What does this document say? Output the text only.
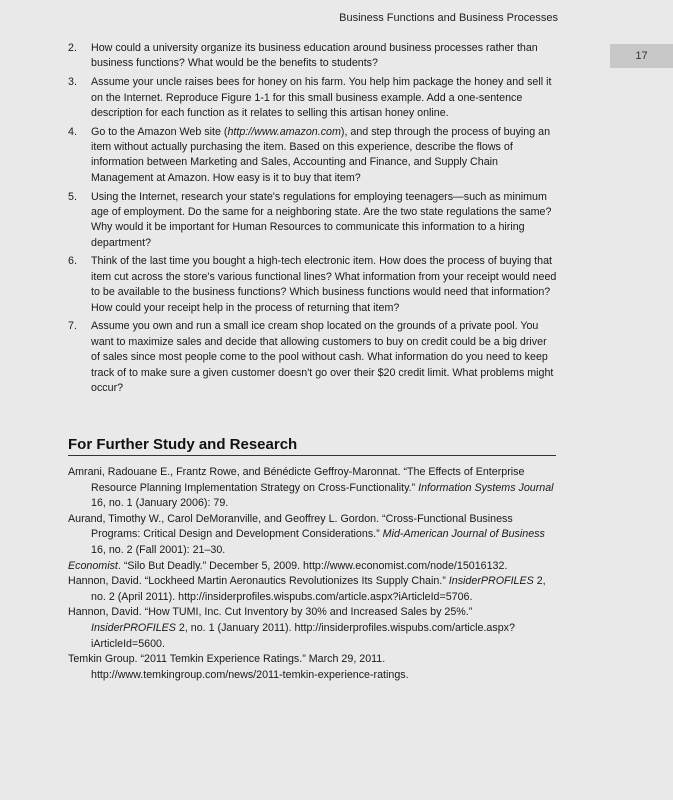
Business Functions and Business Processes
17
2.	How could a university organize its business education around business processes rather than business functions? What would be the benefits to students?
3.	Assume your uncle raises bees for honey on his farm. You help him package the honey and sell it on the Internet. Reproduce Figure 1-1 for this small business example. Add a one-sentence description for each function as it relates to selling this artisan honey online.
4.	Go to the Amazon Web site (http://www.amazon.com), and step through the process of buying an item without actually purchasing the item. Based on this experience, describe the flows of information between Marketing and Sales, Accounting and Finance, and Supply Chain Management at Amazon. How easy is it to buy that item?
5.	Using the Internet, research your state's regulations for employing teenagers—such as minimum age of employment. Do the same for a neighboring state. Are the two state regulations the same? Why would it be important for Human Resources to communicate this information to a hiring department?
6.	Think of the last time you bought a high-tech electronic item. How does the process of buying that item cut across the store's various functional lines? What information from your receipt would need to be available to the business functions? Which business functions would need that information? How could your receipt help in the process of returning that item?
7.	Assume you own and run a small ice cream shop located on the grounds of a private pool. You want to maximize sales and decide that allowing customers to buy on credit could be a big driver of sales since most people come to the pool without cash. What information do you need to keep track of to make sure a given customer doesn't go over their $20 credit limit. What problems might occur?
For Further Study and Research
Amrani, Radouane E., Frantz Rowe, and Bénédicte Geffroy-Maronnat. “The Effects of Enterprise Resource Planning Implementation Strategy on Cross-Functionality.” Information Systems Journal 16, no. 1 (January 2006): 79.
Aurand, Timothy W., Carol DeMoranville, and Geoffrey L. Gordon. “Cross-Functional Business Programs: Critical Design and Development Considerations.” Mid-American Journal of Business 16, no. 2 (Fall 2001): 21–30.
Economist. “Silo But Deadly.” December 5, 2009. http://www.economist.com/node/15016132.
Hannon, David. “Lockheed Martin Aeronautics Revolutionizes Its Supply Chain.” InsiderPROFILES 2, no. 2 (April 2011). http://insiderprofiles.wispubs.com/article.aspx?iArticleId=5706.
Hannon, David. “How TUMI, Inc. Cut Inventory by 30% and Increased Sales by 25%.” InsiderPROFILES 2, no. 1 (January 2011). http://insiderprofiles.wispubs.com/article.aspx?iArticleId=5600.
Temkin Group. “2011 Temkin Experience Ratings.” March 29, 2011. http://www.temkingroup.com/news/2011-temkin-experience-ratings.
